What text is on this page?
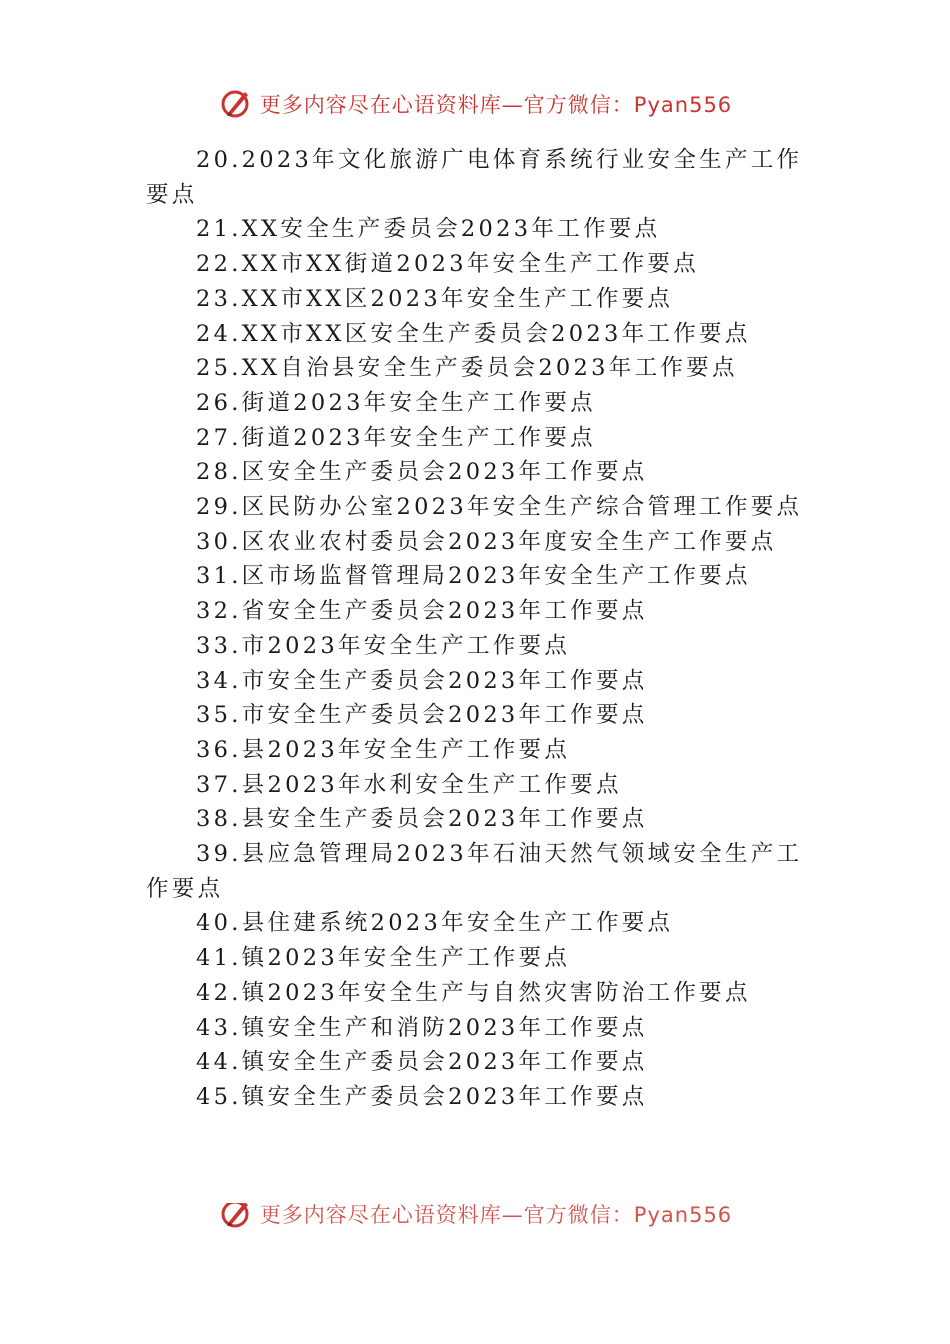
更多内容尽在心语资料库—官方微信：Pyan556

20.2023年文化旅游广电体育系统行业安全生产工作要点

21.XX安全生产委员会2023年工作要点

22.XX市XX街道2023年安全生产工作要点

23.XX市XX区2023年安全生产工作要点

24.XX市XX区安全生产委员会2023年工作要点

25.XX自治县安全生产委员会2023年工作要点

26.街道2023年安全生产工作要点

27.街道2023年安全生产工作要点

28.区安全生产委员会2023年工作要点

29.区民防办公室2023年安全生产综合管理工作要点

30.区农业农村委员会2023年度安全生产工作要点

31.区市场监督管理局2023年安全生产工作要点

32.省安全生产委员会2023年工作要点

33.市2023年安全生产工作要点

34.市安全生产委员会2023年工作要点

35.市安全生产委员会2023年工作要点

36.县2023年安全生产工作要点

37.县2023年水利安全生产工作要点

38.县安全生产委员会2023年工作要点

39.县应急管理局2023年石油天然气领域安全生产工作要点

40.县住建系统2023年安全生产工作要点

41.镇2023年安全生产工作要点

42.镇2023年安全生产与自然灾害防治工作要点

43.镇安全生产和消防2023年工作要点

44.镇安全生产委员会2023年工作要点

45.镇安全生产委员会2023年工作要点

更多内容尽在心语资料库—官方微信：Pyan556
